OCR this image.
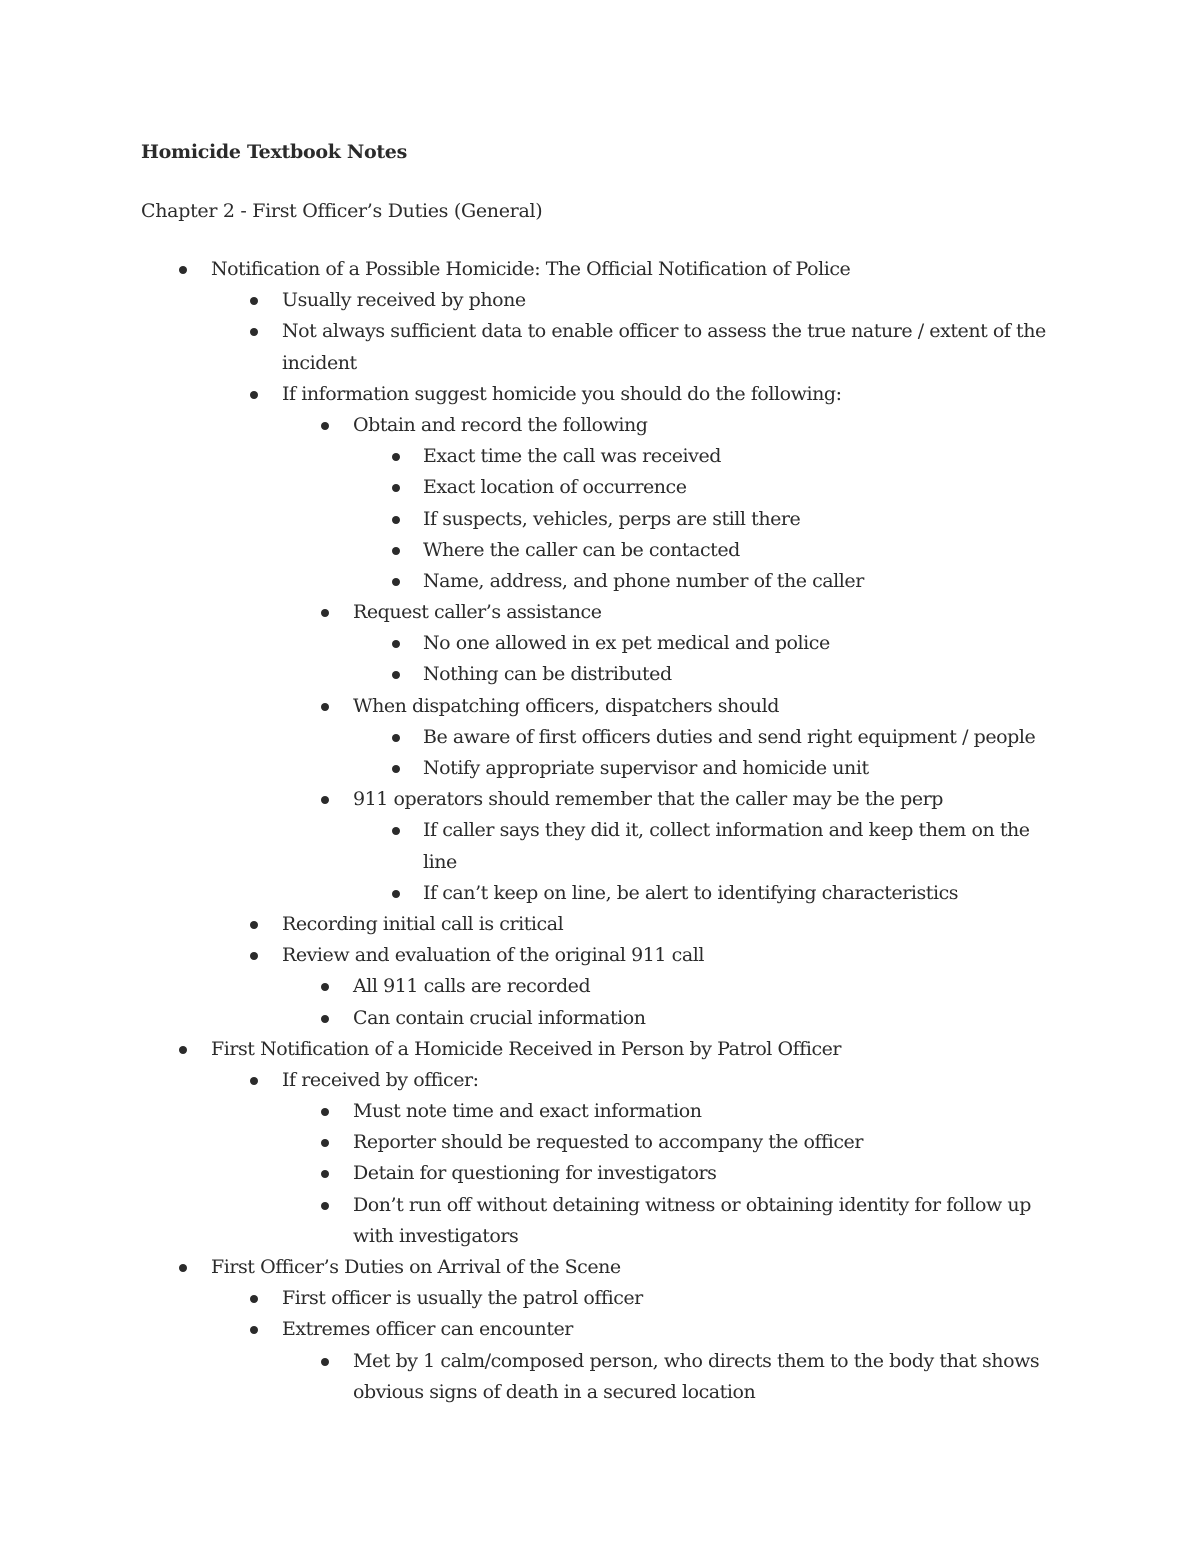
Homicide Textbook Notes
Chapter 2 - First Officer’s Duties (General)
Notification of a Possible Homicide: The Official Notification of Police
Usually received by phone
Not always sufficient data to enable officer to assess the true nature / extent of the
incident
If information suggest homicide you should do the following:
Obtain and record the following
Exact time the call was received
Exact location of occurrence
If suspects, vehicles, perps are still there
Where the caller can be contacted
Name, address, and phone number of the caller
Request caller’s assistance
No one allowed in ex pet medical and police
Nothing can be distributed
When dispatching officers, dispatchers should
Be aware of first officers duties and send right equipment / people
Notify appropriate supervisor and homicide unit
911 operators should remember that the caller may be the perp
If caller says they did it, collect information and keep them on the
line
If can’t keep on line, be alert to identifying characteristics
Recording initial call is critical
Review and evaluation of the original 911 call
All 911 calls are recorded
Can contain crucial information
First Notification of a Homicide Received in Person by Patrol Officer
If received by officer:
Must note time and exact information
Reporter should be requested to accompany the officer
Detain for questioning for investigators
Don’t run off without detaining witness or obtaining identity for follow up
with investigators
First Officer’s Duties on Arrival of the Scene
First officer is usually the patrol officer
Extremes officer can encounter
Met by 1 calm/composed person, who directs them to the body that shows
obvious signs of death in a secured location
